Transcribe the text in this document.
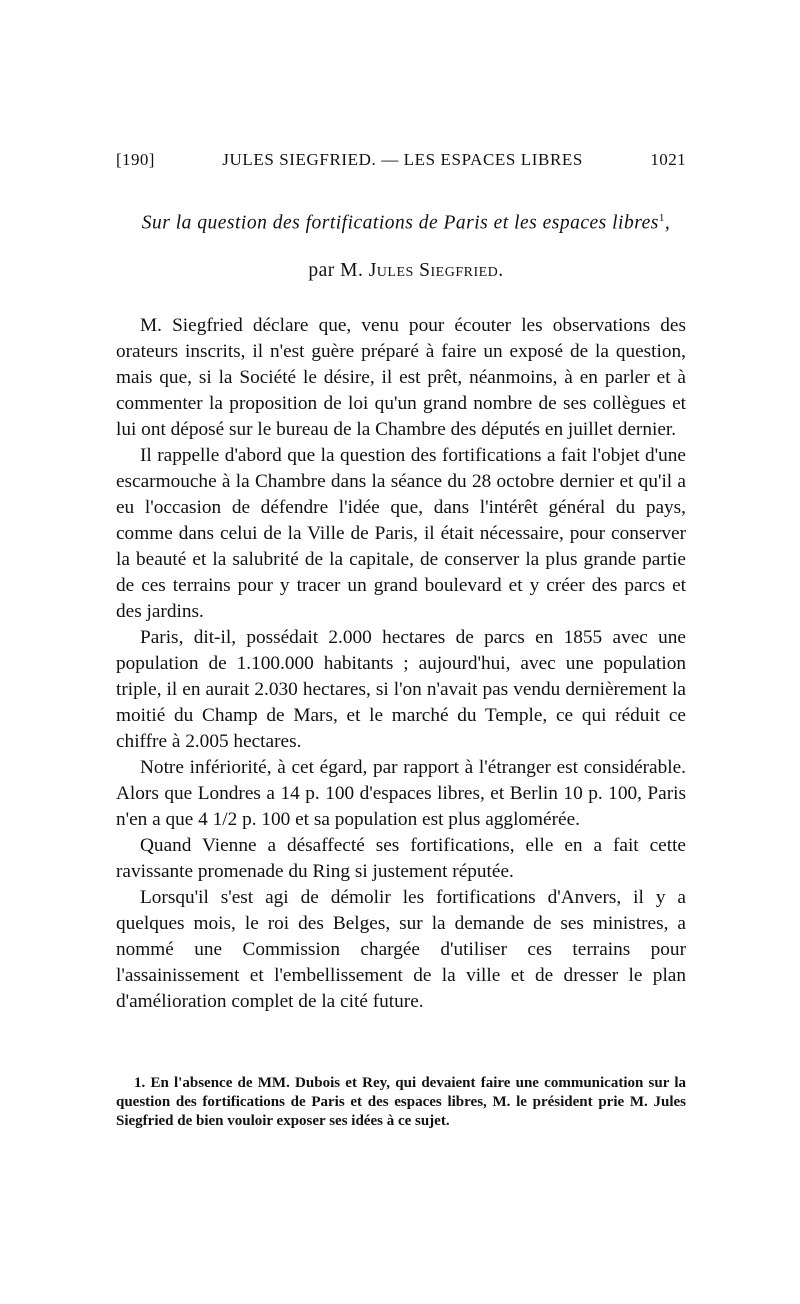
[190]	JULES SIEGFRIED. — LES ESPACES LIBRES	1021
Sur la question des fortifications de Paris et les espaces libres$^1$,
par M. Jules Siegfried.

M. Siegfried déclare que, venu pour écouter les observations des orateurs inscrits, il n'est guère préparé à faire un exposé de la question, mais que, si la Société le désire, il est prêt, néanmoins, à en parler et à commenter la proposition de loi qu'un grand nombre de ses collègues et lui ont déposé sur le bureau de la Chambre des députés en juillet dernier.

Il rappelle d'abord que la question des fortifications a fait l'objet d'une escarmouche à la Chambre dans la séance du 28 octobre dernier et qu'il a eu l'occasion de défendre l'idée que, dans l'intérêt général du pays, comme dans celui de la Ville de Paris, il était nécessaire, pour conserver la beauté et la salubrité de la capitale, de conserver la plus grande partie de ces terrains pour y tracer un grand boulevard et y créer des parcs et des jardins.

Paris, dit-il, possédait 2.000 hectares de parcs en 1855 avec une population de 1.100.000 habitants ; aujourd'hui, avec une population triple, il en aurait 2.030 hectares, si l'on n'avait pas vendu dernièrement la moitié du Champ de Mars, et le marché du Temple, ce qui réduit ce chiffre à 2.005 hectares.

Notre infériorité, à cet égard, par rapport à l'étranger est considérable. Alors que Londres a 14 p. 100 d'espaces libres, et Berlin 10 p. 100, Paris n'en a que 4 1/2 p. 100 et sa population est plus agglomérée.

Quand Vienne a désaffecté ses fortifications, elle en a fait cette ravissante promenade du Ring si justement réputée.

Lorsqu'il s'est agi de démolir les fortifications d'Anvers, il y a quelques mois, le roi des Belges, sur la demande de ses ministres, a nommé une Commission chargée d'utiliser ces terrains pour l'assainissement et l'embellissement de la ville et de dresser le plan d'amélioration complet de la cité future.

1. En l'absence de MM. Dubois et Rey, qui devaient faire une communication sur la question des fortifications de Paris et des espaces libres, M. le président prie M. Jules Siegfried de bien vouloir exposer ses idées à ce sujet.
